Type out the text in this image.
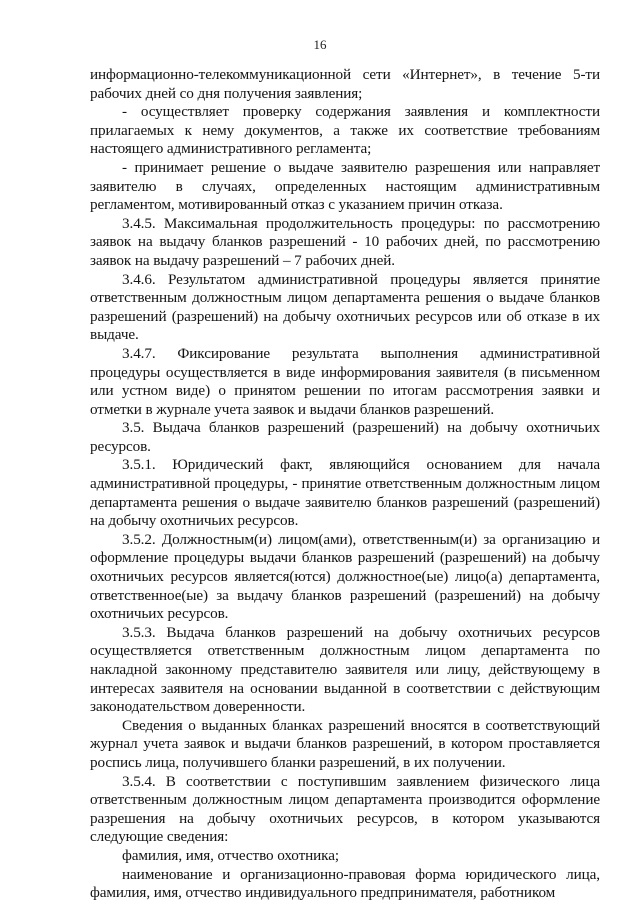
16

информационно-телекоммуникационной сети «Интернет», в течение 5-ти рабочих дней со дня получения заявления;

- осуществляет проверку содержания заявления и комплектности прилагаемых к нему документов, а также их соответствие требованиям настоящего административного регламента;

- принимает решение о выдаче заявителю разрешения или направляет заявителю в случаях, определенных настоящим административным регламентом, мотивированный отказ с указанием причин отказа.

3.4.5. Максимальная продолжительность процедуры: по рассмотрению заявок на выдачу бланков разрешений - 10 рабочих дней, по рассмотрению заявок на выдачу разрешений – 7 рабочих дней.

3.4.6. Результатом административной процедуры является принятие ответственным должностным лицом департамента решения о выдаче бланков разрешений (разрешений) на добычу охотничьих ресурсов или об отказе в их выдаче.

3.4.7. Фиксирование результата выполнения административной процедуры осуществляется в виде информирования заявителя (в письменном или устном виде) о принятом решении по итогам рассмотрения заявки и отметки в журнале учета заявок и выдачи бланков разрешений.

3.5. Выдача бланков разрешений (разрешений) на добычу охотничьих ресурсов.

3.5.1. Юридический факт, являющийся основанием для начала административной процедуры, - принятие ответственным должностным лицом департамента решения о выдаче заявителю бланков разрешений (разрешений) на добычу охотничьих ресурсов.

3.5.2. Должностным(и) лицом(ами), ответственным(и) за организацию и оформление процедуры выдачи бланков разрешений (разрешений) на добычу охотничьих ресурсов является(ются) должностное(ые) лицо(а) департамента, ответственное(ые) за выдачу бланков разрешений (разрешений) на добычу охотничьих ресурсов.

3.5.3. Выдача бланков разрешений на добычу охотничьих ресурсов осуществляется ответственным должностным лицом департамента по накладной законному представителю заявителя или лицу, действующему в интересах заявителя на основании выданной в соответствии с действующим законодательством доверенности.

Сведения о выданных бланках разрешений вносятся в соответствующий журнал учета заявок и выдачи бланков разрешений, в котором проставляется роспись лица, получившего бланки разрешений, в их получении.

3.5.4. В соответствии с поступившим заявлением физического лица ответственным должностным лицом департамента производится оформление разрешения на добычу охотничьих ресурсов, в котором указываются следующие сведения:

фамилия, имя, отчество охотника;

наименование и организационно-правовая форма юридического лица, фамилия, имя, отчество индивидуального предпринимателя, работником
